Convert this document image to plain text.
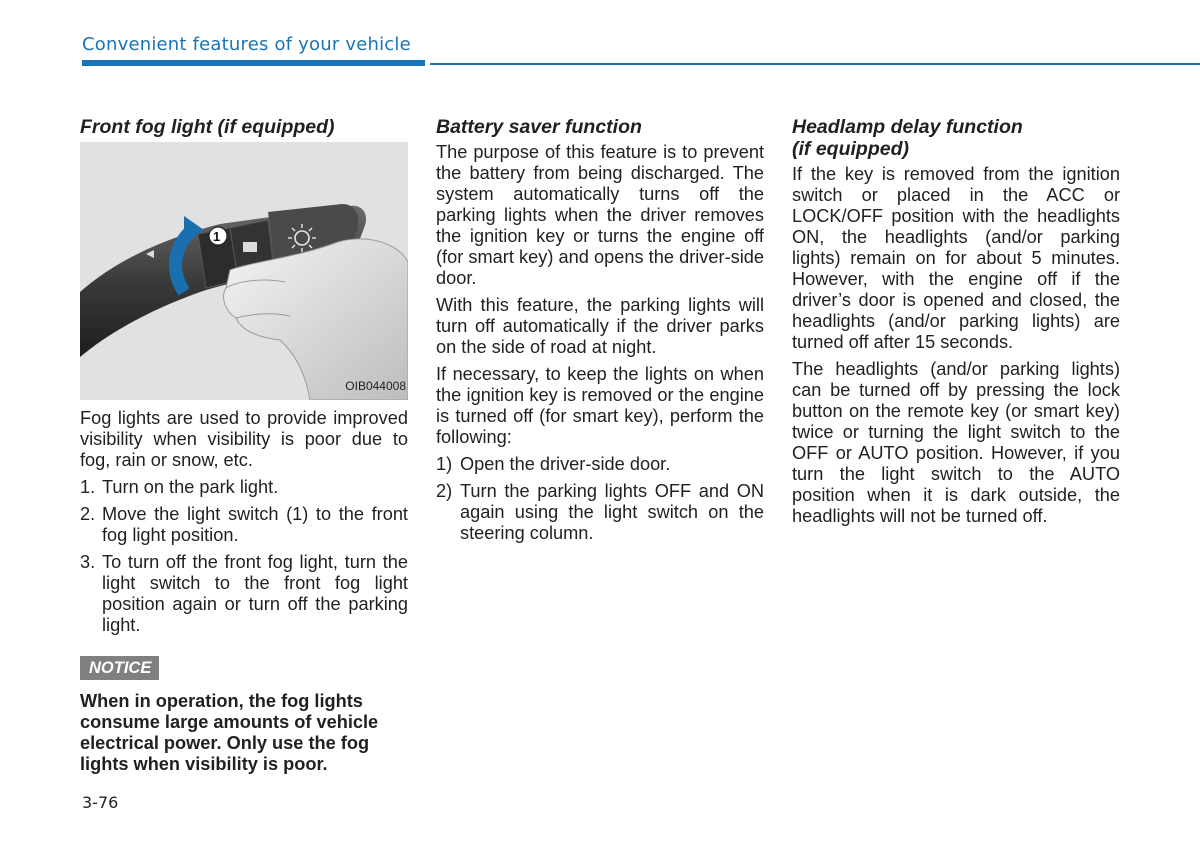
Convenient features of your vehicle
Front fog light (if equipped)
1
OIB044008

Fog lights are used to provide improved visibility when visibility is poor due to fog, rain or snow, etc.

1. Turn on the park light.
2. Move the light switch (1) to the front fog light position.
3. To turn off the front fog light, turn the light switch to the front fog light position again or turn off the parking light.
NOTICE

When in operation, the fog lights consume large amounts of vehicle electrical power. Only use the fog lights when visibility is poor.

Battery saver function

The purpose of this feature is to prevent the battery from being discharged. The system automatically turns off the parking lights when the driver removes the ignition key or turns the engine off (for smart key) and opens the driver-side door.

With this feature, the parking lights will turn off automatically if the driver parks on the side of road at night.

If necessary, to keep the lights on when the ignition key is removed or the engine is turned off (for smart key), perform the following:

1) Open the driver-side door.
2) Turn the parking lights OFF and ON again using the light switch on the steering column.
Headlamp delay function
(if equipped)

If the key is removed from the ignition switch or placed in the ACC or LOCK/OFF position with the headlights ON, the headlights (and/or parking lights) remain on for about 5 minutes. However, with the engine off if the driver’s door is opened and closed, the headlights (and/or parking lights) are turned off after 15 seconds.

The headlights (and/or parking lights) can be turned off by pressing the lock button on the remote key (or smart key) twice or turning the light switch to the OFF or AUTO position. However, if you turn the light switch to the AUTO position when it is dark outside, the headlights will not be turned off.

3-76
